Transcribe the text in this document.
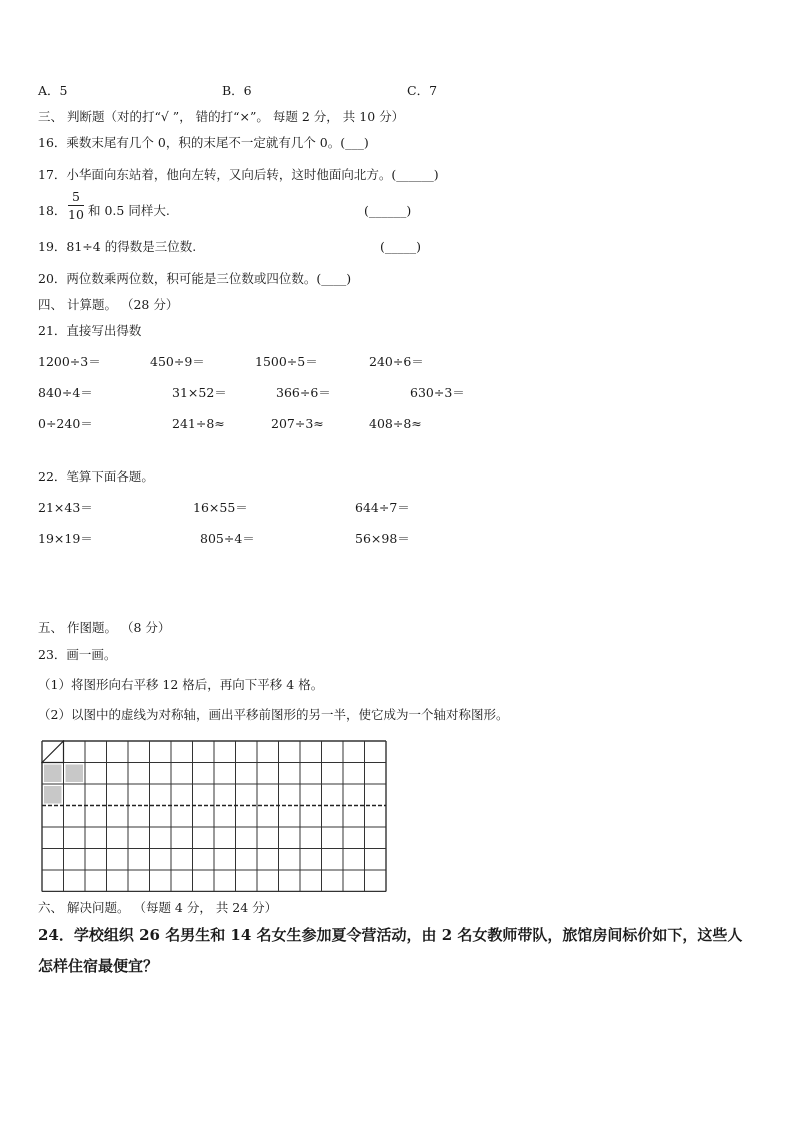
A．5	B．6	C．7
三、 判断题（对的打“√ ”， 错的打“×”。 每题 2 分， 共 10 分）
16．乘数末尾有几个 0，积的末尾不一定就有几个 0。(___)
17．小华面向东站着，他向左转，又向后转，这时他面向北方。(______)
18．
5
10 和 0.5 同样大.	(______)
19．81÷4 的得数是三位数.	(_____)
20．两位数乘两位数，积可能是三位数或四位数。(____)
四、 计算题。 （28 分）
21．直接写出得数
1200÷3＝	450÷9＝	1500÷5＝	240÷6＝
840÷4＝	31×52＝	366÷6＝	630÷3＝
0÷240＝	241÷8≈	207÷3≈	408÷8≈
22．笔算下面各题。
21×43＝	16×55＝	644÷7＝
19×19＝	805÷4＝	56×98＝
五、 作图题。 （8 分）
23．画一画。
（1）将图形向右平移 12 格后，再向下平移 4 格。
（2）以图中的虚线为对称轴，画出平移前图形的另一半，使它成为一个轴对称图形。
六、 解决问题。 （每题 4 分， 共 24 分）
24．学校组织 26 名男生和 14 名女生参加夏令营活动，由 2 名女教师带队，旅馆房间标价如下，这些人
怎样住宿最便宜？
